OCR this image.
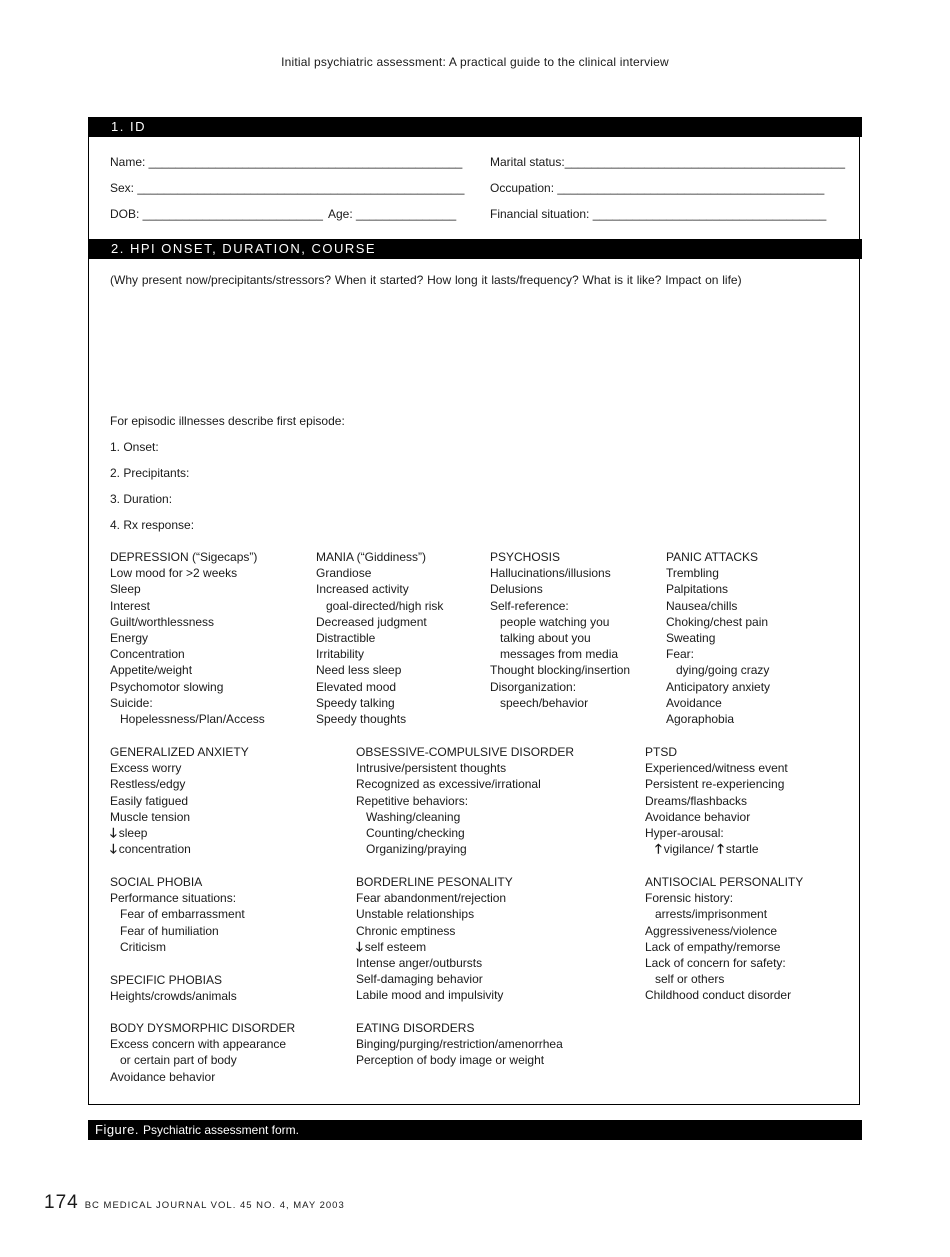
Initial psychiatric assessment: A practical guide to the clinical interview
1. ID
Name: _______________________________________________
Sex: _________________________________________________
DOB: ___________________________ Age: _______________
Marital status:__________________________________________
Occupation: ________________________________________
Financial situation: ___________________________________
2. HPI ONSET, DURATION, COURSE
(Why present now/precipitants/stressors? When it started? How long it lasts/frequency? What is it like? Impact on life)
For episodic illnesses describe first episode:
1. Onset:
2. Precipitants:
3. Duration:
4. Rx response:
DEPRESSION (“Sigecaps”)
Low mood for >2 weeks
Sleep
Interest
Guilt/worthlessness
Energy
Concentration
Appetite/weight
Psychomotor slowing
Suicide:
Hopelessness/Plan/Access
MANIA (“Giddiness”)
Grandiose
Increased activity
goal-directed/high risk
Decreased judgment
Distractible
Irritability
Need less sleep
Elevated mood
Speedy talking
Speedy thoughts
PSYCHOSIS
Hallucinations/illusions
Delusions
Self-reference:
people watching you
talking about you
messages from media
Thought blocking/insertion
Disorganization:
speech/behavior
PANIC ATTACKS
Trembling
Palpitations
Nausea/chills
Choking/chest pain
Sweating
Fear:
dying/going crazy
Anticipatory anxiety
Avoidance
Agoraphobia
GENERALIZED ANXIETY
Excess worry
Restless/edgy
Easily fatigued
Muscle tension
🡓 sleep
🡓 concentration
OBSESSIVE-COMPULSIVE DISORDER
Intrusive/persistent thoughts
Recognized as excessive/irrational
Repetitive behaviors:
Washing/cleaning
Counting/checking
Organizing/praying
PTSD
Experienced/witness event
Persistent re-experiencing
Dreams/flashbacks
Avoidance behavior
Hyper-arousal:
🡑 vigilance/ 🡑 startle
SOCIAL PHOBIA
Performance situations:
Fear of embarrassment
Fear of humiliation
Criticism
SPECIFIC PHOBIAS
Heights/crowds/animals
BORDERLINE PESONALITY
Fear abandonment/rejection
Unstable relationships
Chronic emptiness
🡓 self esteem
Intense anger/outbursts
Self-damaging behavior
Labile mood and impulsivity
ANTISOCIAL PERSONALITY
Forensic history:
arrests/imprisonment
Aggressiveness/violence
Lack of empathy/remorse
Lack of concern for safety:
self or others
Childhood conduct disorder
BODY DYSMORPHIC DISORDER
Excess concern with appearance
or certain part of body
Avoidance behavior
EATING DISORDERS
Binging/purging/restriction/amenorrhea
Perception of body image or weight
Figure. Psychiatric assessment form.
174 BC MEDICAL JOURNAL VOL. 45 NO. 4, MAY 2003
